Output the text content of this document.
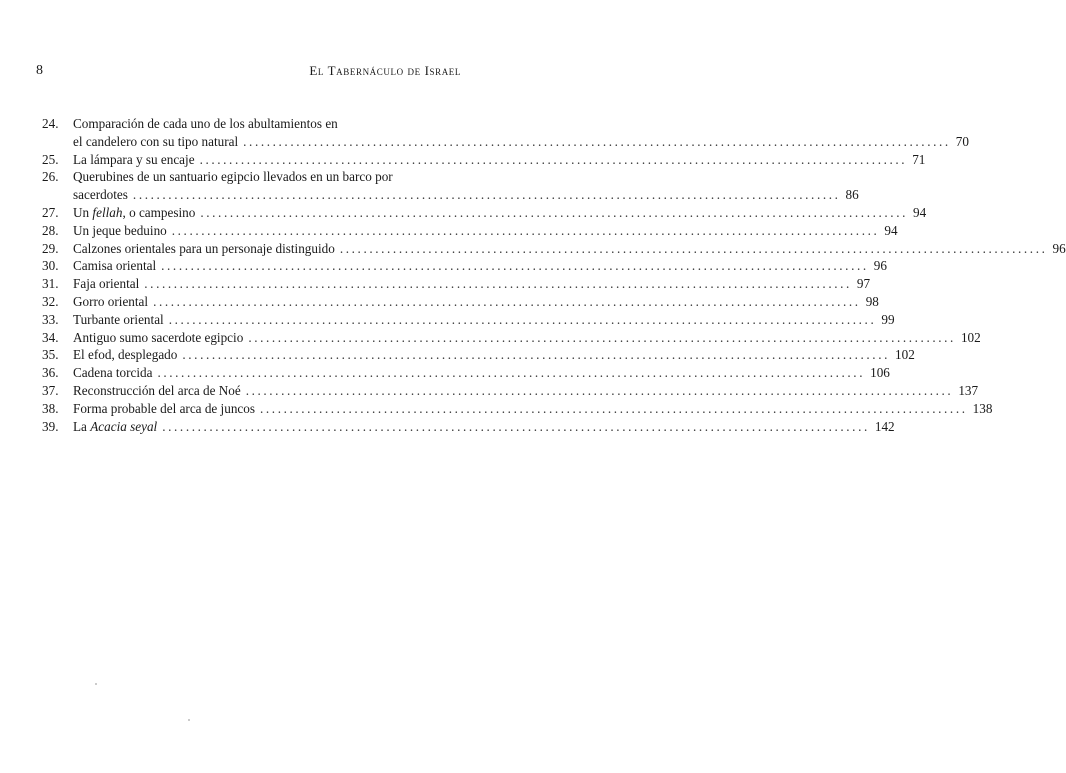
8	El Tabernáculo de Israel
24.	Comparación de cada uno de los abultamientos en
el candelero con su tipo natural ........................................................................................................................ 70
25.	La lámpara y su encaje ........................................................................................................................ 71
26.	Querubines de un santuario egipcio llevados en un barco por
sacerdotes ........................................................................................................................ 86
27.	Un fellah, o campesino ........................................................................................................................ 94
28.	Un jeque beduino ........................................................................................................................ 94
29.	Calzones orientales para un personaje distinguido ........................................................................................................................ 96
30.	Camisa oriental ........................................................................................................................ 96
31.	Faja oriental ........................................................................................................................ 97
32.	Gorro oriental ........................................................................................................................ 98
33.	Turbante oriental ........................................................................................................................ 99
34.	Antiguo sumo sacerdote egipcio ........................................................................................................................ 102
35.	El efod, desplegado ........................................................................................................................ 102
36.	Cadena torcida ........................................................................................................................ 106
37.	Reconstrucción del arca de Noé ........................................................................................................................ 137
38.	Forma probable del arca de juncos ........................................................................................................................ 138
39.	La Acacia seyal ........................................................................................................................ 142
